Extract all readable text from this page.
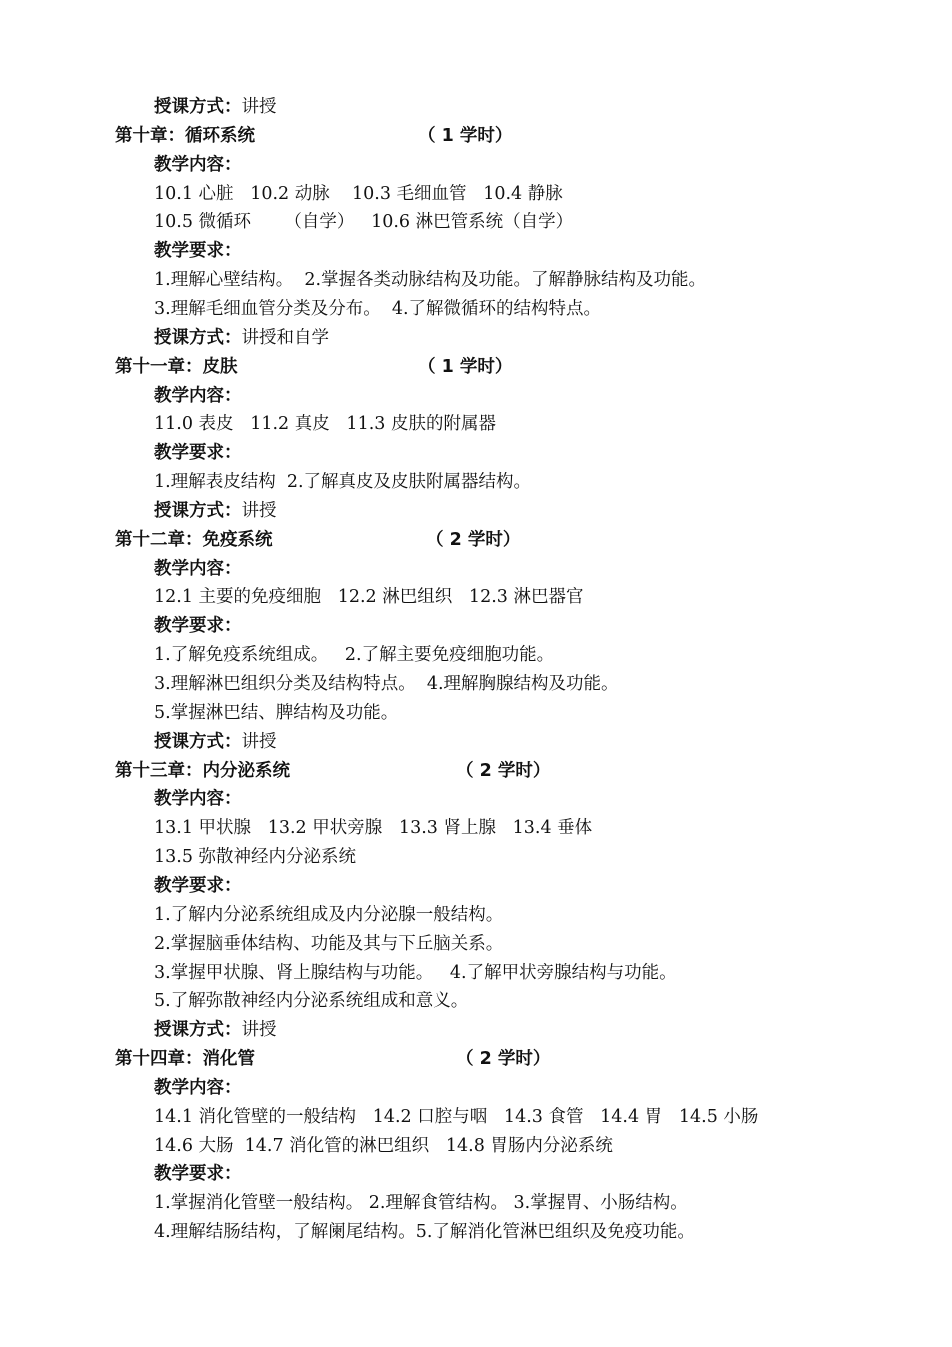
授课方式：讲授
第十章：循环系统	（ 1 学时）
教学内容：
10.1 心脏   10.2 动脉    10.3 毛细血管   10.4 静脉
10.5 微循环      （自学）   10.6 淋巴管系统（自学）
教学要求：
1.理解心壁结构。  2.掌握各类动脉结构及功能。了解静脉结构及功能。
3.理解毛细血管分类及分布。  4.了解微循环的结构特点。
授课方式：讲授和自学
第十一章：皮肤	（ 1 学时）
教学内容：
11.0 表皮   11.2 真皮   11.3 皮肤的附属器
教学要求：
1.理解表皮结构  2.了解真皮及皮肤附属器结构。
授课方式：讲授
第十二章：免疫系统	（ 2 学时）
教学内容：
12.1 主要的免疫细胞   12.2 淋巴组织   12.3 淋巴器官
教学要求：
1.了解免疫系统组成。   2.了解主要免疫细胞功能。
3.理解淋巴组织分类及结构特点。  4.理解胸腺结构及功能。
5.掌握淋巴结、脾结构及功能。
授课方式：讲授
第十三章：内分泌系统	（ 2 学时）
教学内容：
13.1 甲状腺   13.2 甲状旁腺   13.3 肾上腺   13.4 垂体
13.5 弥散神经内分泌系统
教学要求：
1.了解内分泌系统组成及内分泌腺一般结构。
2.掌握脑垂体结构、功能及其与下丘脑关系。
3.掌握甲状腺、肾上腺结构与功能。   4.了解甲状旁腺结构与功能。
5.了解弥散神经内分泌系统组成和意义。
授课方式：讲授
第十四章：消化管	（ 2 学时）
教学内容：
14.1 消化管壁的一般结构   14.2 口腔与咽   14.3 食管   14.4 胃   14.5 小肠
14.6 大肠  14.7 消化管的淋巴组织   14.8 胃肠内分泌系统
教学要求：
1.掌握消化管壁一般结构。 2.理解食管结构。 3.掌握胃、小肠结构。
4.理解结肠结构，了解阑尾结构。5.了解消化管淋巴组织及免疫功能。
